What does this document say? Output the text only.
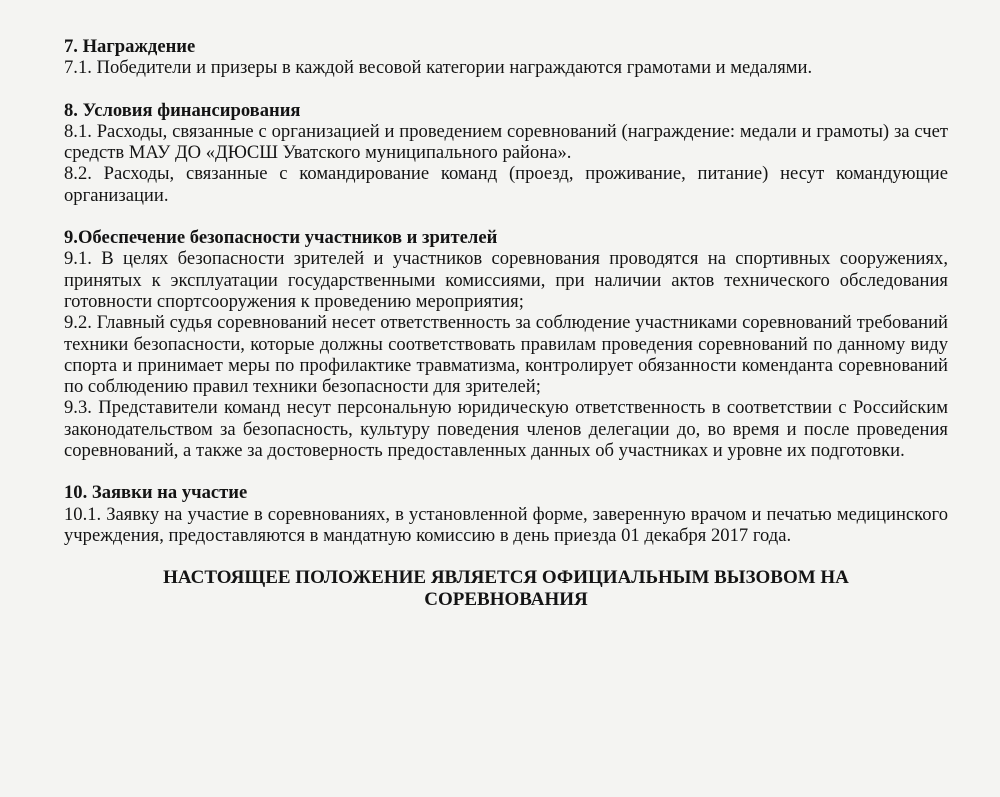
7. Награждение

7.1. Победители и призеры в каждой весовой категории награждаются грамотами и медалями.

8. Условия финансирования

8.1. Расходы, связанные с организацией и проведением соревнований (награждение: медали и грамоты) за счет средств МАУ ДО «ДЮСШ Уватского муниципального района».

8.2. Расходы, связанные с командирование команд (проезд, проживание, питание) несут командующие организации.

9.Обеспечение безопасности участников и зрителей

9.1. В целях безопасности зрителей и участников соревнования проводятся на спортивных сооружениях, принятых к эксплуатации государственными комиссиями, при наличии актов технического обследования готовности спортсооружения к проведению мероприятия;

9.2. Главный судья соревнований несет ответственность за соблюдение участниками соревнований требований техники безопасности, которые должны соответствовать правилам проведения соревнований по данному виду спорта и принимает меры по профилактике травматизма, контролирует обязанности коменданта соревнований по соблюдению правил техники безопасности для зрителей;

9.3. Представители команд несут персональную юридическую ответственность в соответствии с Российским законодательством за безопасность, культуру поведения членов делегации до, во время и после проведения соревнований, а также за достоверность предоставленных данных об участниках и уровне их подготовки.

10. Заявки на участие

10.1. Заявку на участие в соревнованиях, в установленной форме, заверенную врачом и печатью медицинского учреждения, предоставляются в мандатную комиссию в день приезда 01 декабря 2017 года.

НАСТОЯЩЕЕ ПОЛОЖЕНИЕ ЯВЛЯЕТСЯ ОФИЦИАЛЬНЫМ ВЫЗОВОМ НА СОРЕВНОВАНИЯ
